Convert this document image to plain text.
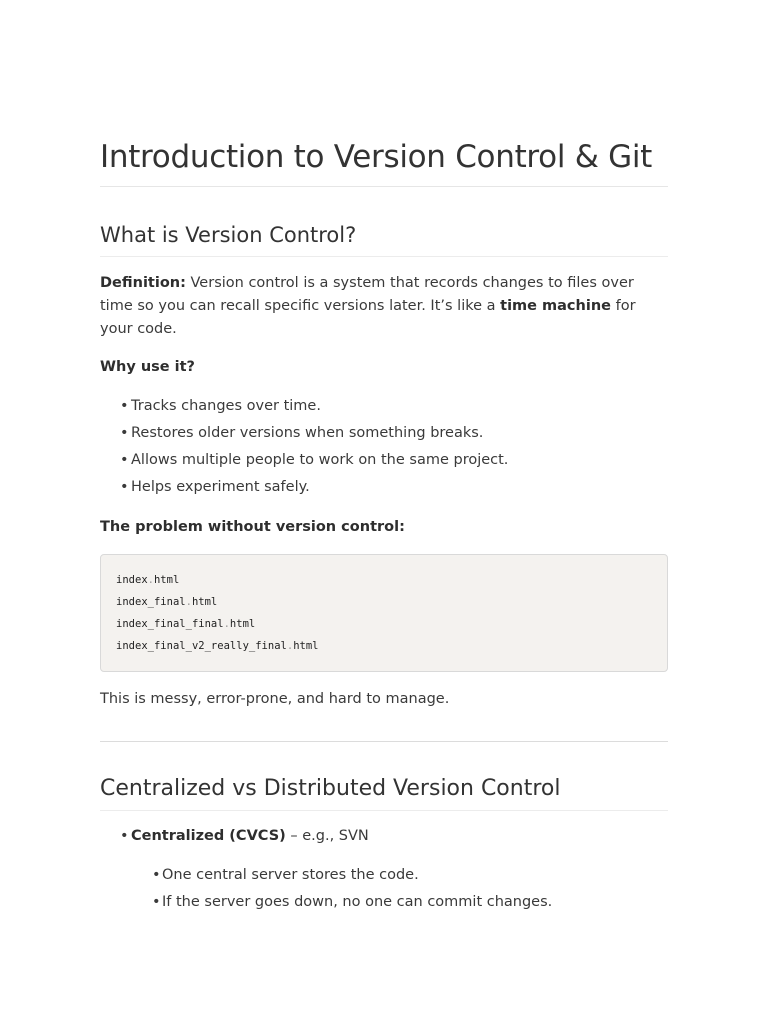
Introduction to Version Control & Git
What is Version Control?

Definition: Version control is a system that records changes to files over time so you can recall specific versions later. It’s like a time machine for your code.

Why use it?

• Tracks changes over time.
• Restores older versions when something breaks.
• Allows multiple people to work on the same project.
• Helps experiment safely.

The problem without version control:

index.html
index_final.html
index_final_final.html
index_final_v2_really_final.html

This is messy, error-prone, and hard to manage.

Centralized vs Distributed Version Control
• Centralized (CVCS) – e.g., SVN
•One central server stores the code.
•If the server goes down, no one can commit changes.
